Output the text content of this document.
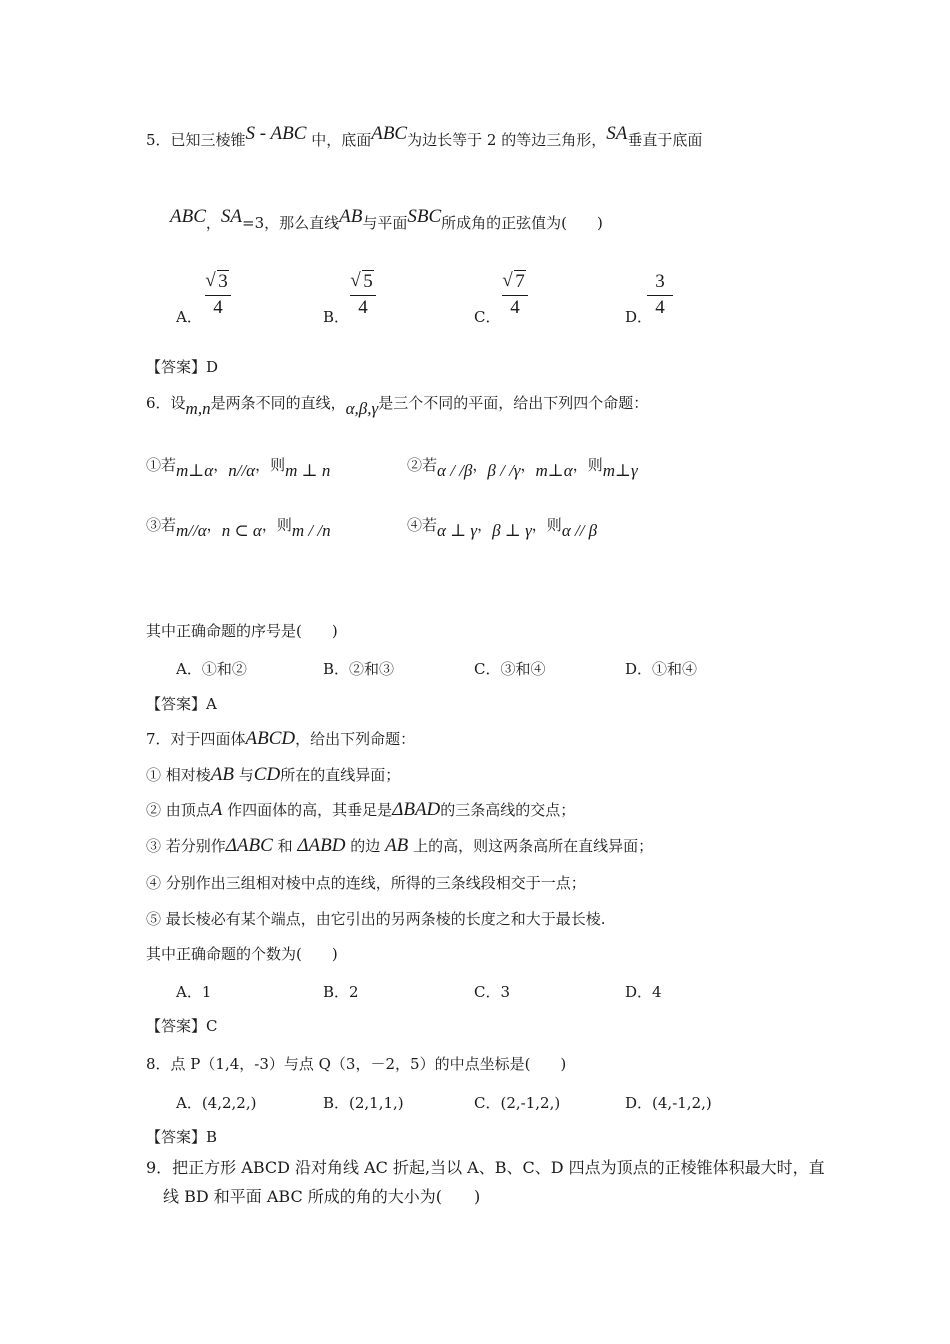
5．已知三棱锥S - ABC 中，底面ABC为边长等于 2 的等边三角形，SA垂直于底面
ABC，SA=3，那么直线AB与平面SBC所成角的正弦值为(　　)
A．
√ 3
4	B．
√ 5
4	C．
√ 7
4	D．
3
4
【答案】D
6．设m,n是两条不同的直线，α,β,γ是三个不同的平面，给出下列四个命题：
①若m⊥α，n//α，则m ⊥ n	②若α / /β，β / /γ，m⊥α，则m⊥γ
③若m//α，n ⊂ α，则m / /n	④若α ⊥ γ，β ⊥ γ，则α // β
其中正确命题的序号是(　　)
A．①和②	B．②和③	C．③和④	D．①和④
【答案】A
7．对于四面体ABCD，给出下列命题：
① 相对棱AB 与CD所在的直线异面；
② 由顶点A 作四面体的高，其垂足是ΔBAD的三条高线的交点；
③ 若分别作ΔABC 和 ΔABD 的边 AB 上的高，则这两条高所在直线异面；
④ 分别作出三组相对棱中点的连线，所得的三条线段相交于一点；
⑤ 最长棱必有某个端点，由它引出的另两条棱的长度之和大于最长棱.
其中正确命题的个数为(　　)
A．1	B．2	C．3	D．4
【答案】C
8．点 P（1,4，-3）与点 Q（3，－2，5）的中点坐标是(　　)
A．(4,2,2,)	B．(2,1,1,)	C．(2,-1,2,)	D．(4,-1,2,)
【答案】B
9．把正方形 ABCD 沿对角线 AC 折起,当以 A、B、C、D 四点为顶点的正棱锥体积最大时，直
线 BD 和平面 ABC 所成的角的大小为(　　)
